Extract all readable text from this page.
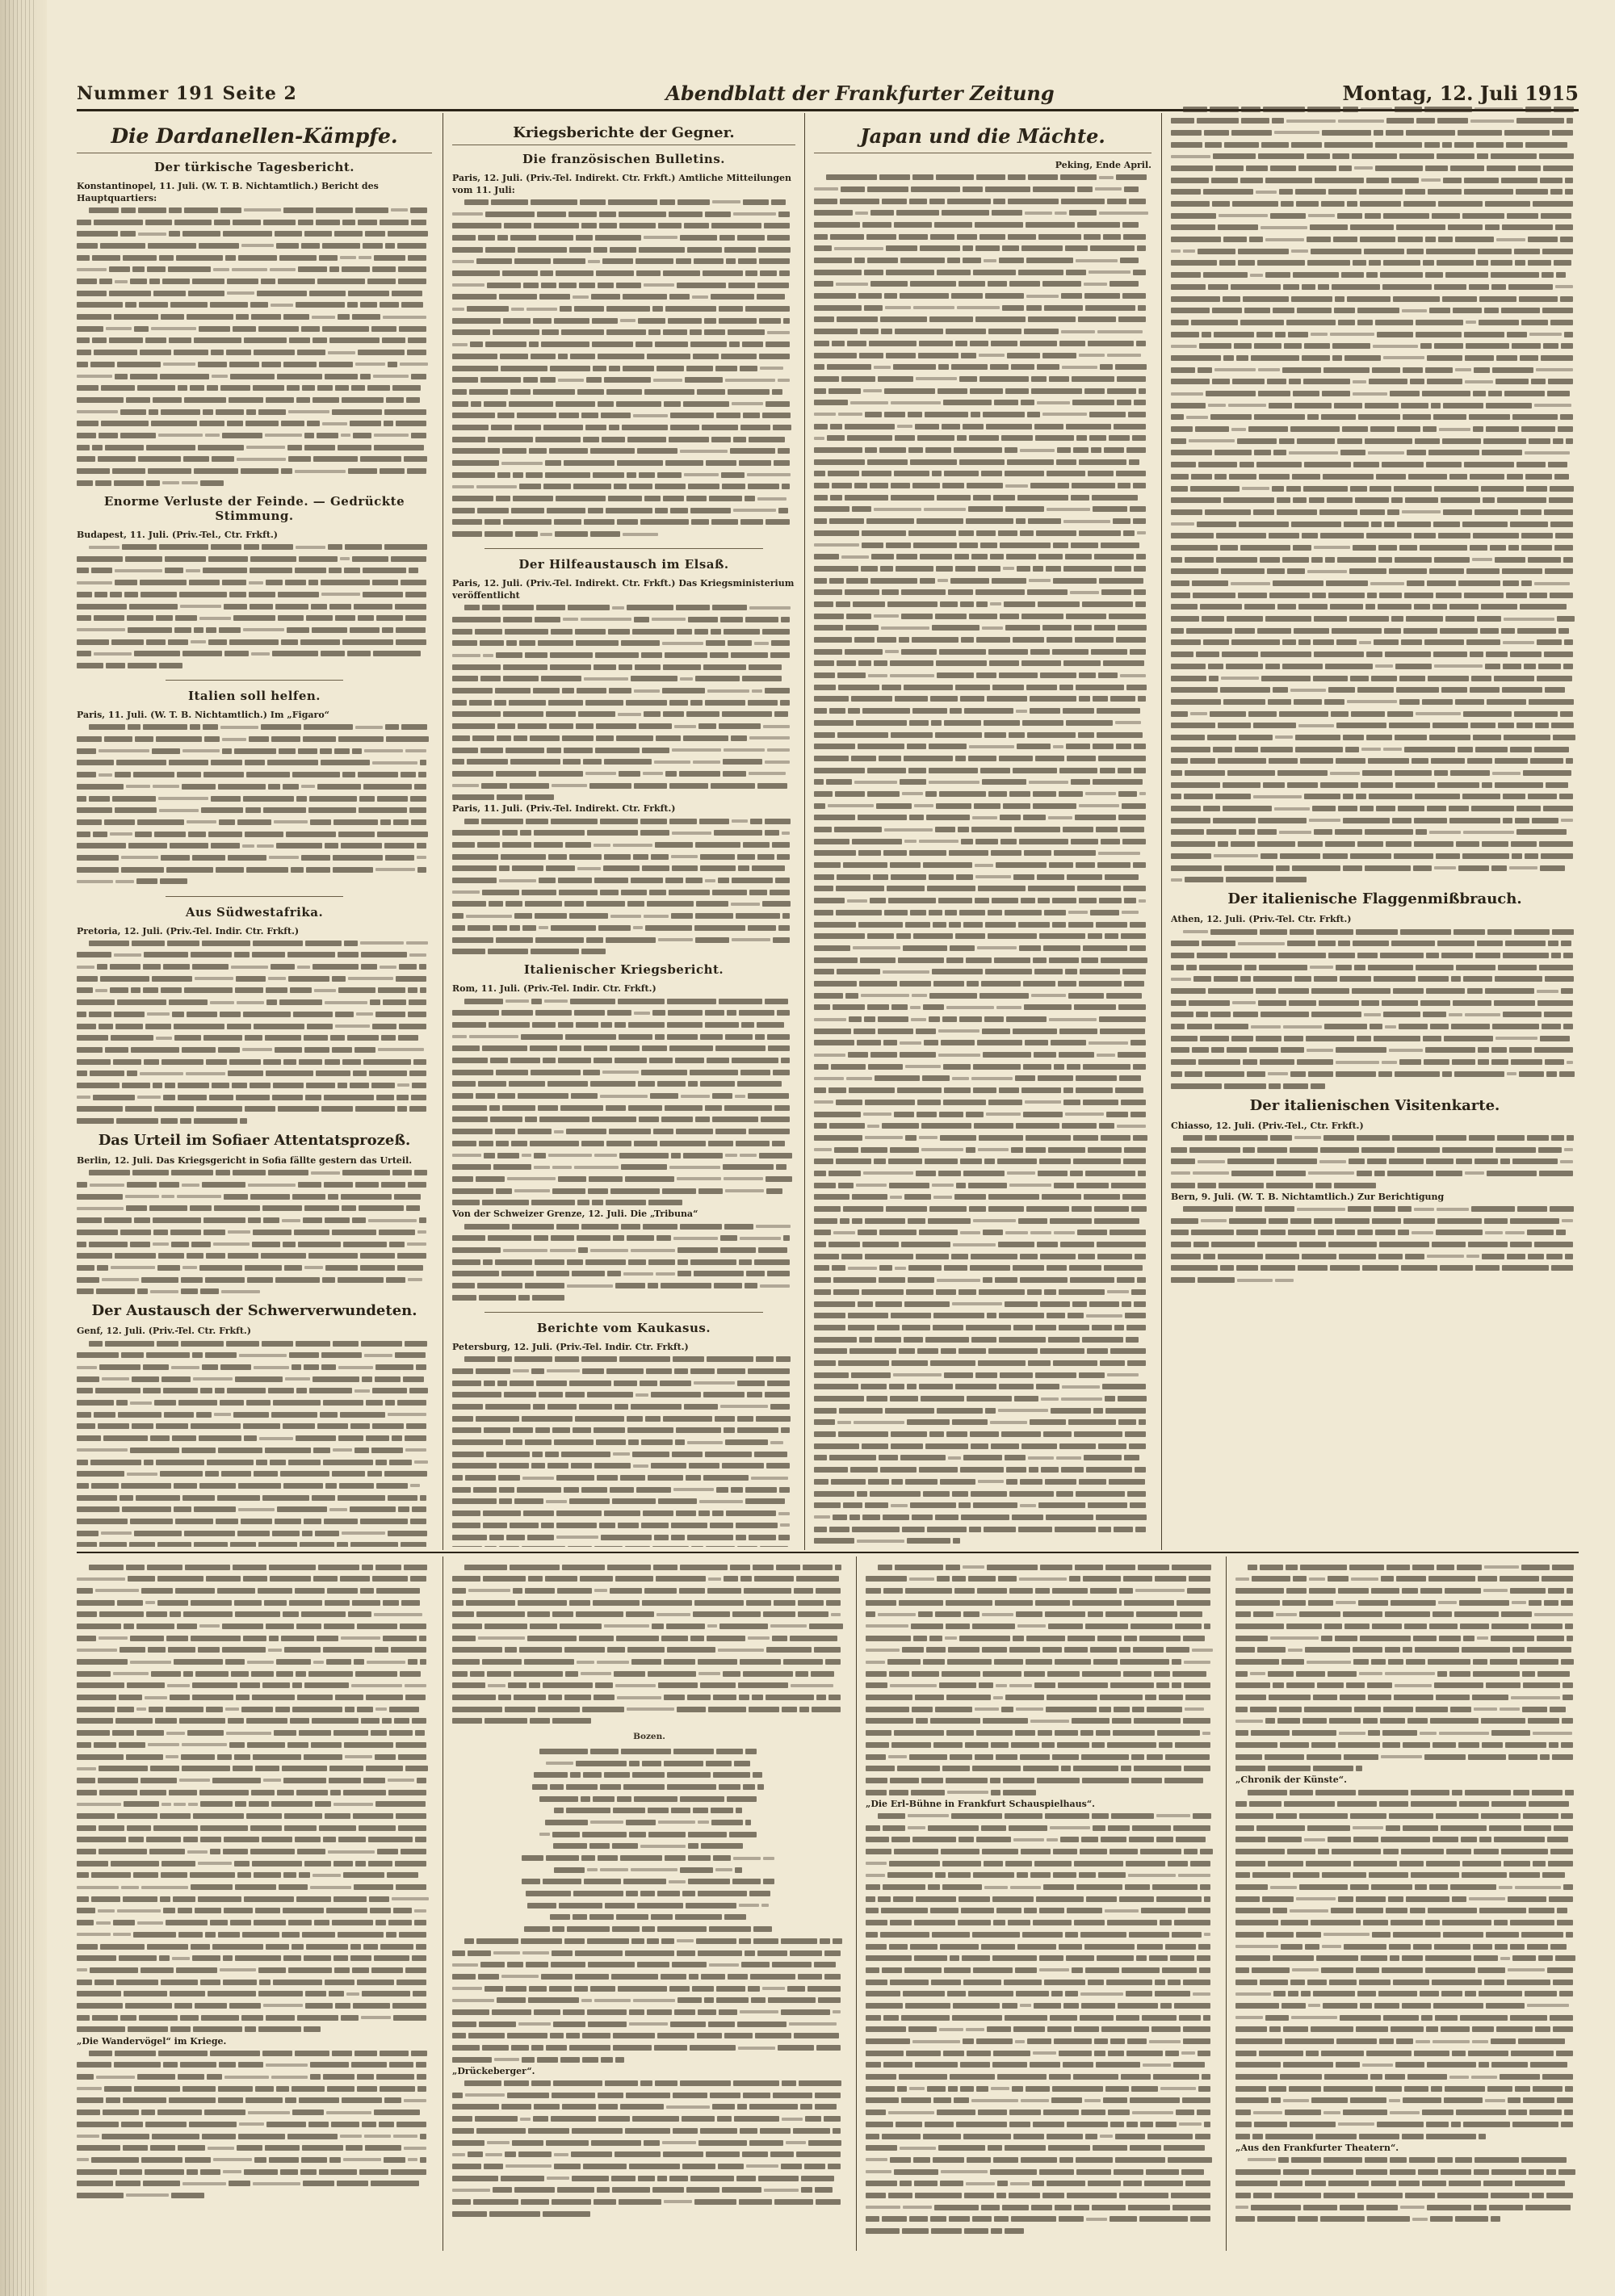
Nummer 191 Seite 2	Abendblatt der Frankfurter Zeitung	Montag, 12. Juli 1915
Die Dardanellen-Kämpfe.
Der türkische Tagesbericht.

Konstantinopel, 11. Juli. (W. T. B. Nichtamtlich.) Bericht des Hauptquartiers:

Enorme Verluste der Feinde. — Gedrückte Stimmung.

Budapest, 11. Juli. (Priv.-Tel., Ctr. Frkft.)

Italien soll helfen.

Paris, 11. Juli. (W. T. B. Nichtamtlich.) Im „Figaro“

Aus Südwestafrika.

Pretoria, 12. Juli. (Priv.-Tel. Indir. Ctr. Frkft.)

Das Urteil im Sofiaer Attentatsprozeß.

Berlin, 12. Juli. Das Kriegsgericht in Sofia fällte gestern das Urteil.

Der Austausch der Schwerverwundeten.

Genf, 12. Juli. (Priv.-Tel. Ctr. Frkft.)

Kriegsberichte der Gegner.
Die französischen Bulletins.

Paris, 12. Juli. (Priv.-Tel. Indirekt. Ctr. Frkft.) Amtliche Mitteilungen vom 11. Juli:

Der Hilfeaustausch im Elsaß.

Paris, 12. Juli. (Priv.-Tel. Indirekt. Ctr. Frkft.) Das Kriegsministerium veröffentlicht

Paris, 11. Juli. (Priv.-Tel. Indirekt. Ctr. Frkft.)

Italienischer Kriegsbericht.

Rom, 11. Juli. (Priv.-Tel. Indir. Ctr. Frkft.)

Von der Schweizer Grenze, 12. Juli. Die „Tribuna“

Berichte vom Kaukasus.

Petersburg, 12. Juli. (Priv.-Tel. Indir. Ctr. Frkft.)

Japan und die Mächte.

Peking, Ende April.

Der italienische Flaggenmißbrauch.

Athen, 12. Juli. (Priv.-Tel. Ctr. Frkft.)

Der italienischen Visitenkarte.

Chiasso, 12. Juli. (Priv.-Tel., Ctr. Frkft.)

Bern, 9. Juli. (W. T. B. Nichtamtlich.) Zur Berichtigung

„Die Wandervögel“ im Kriege.

Bozen.

„Drückeberger“.

„Die Erl-Bühne in Frankfurt Schauspielhaus“.

„Chronik der Künste“.

„Aus den Frankfurter Theatern“.
